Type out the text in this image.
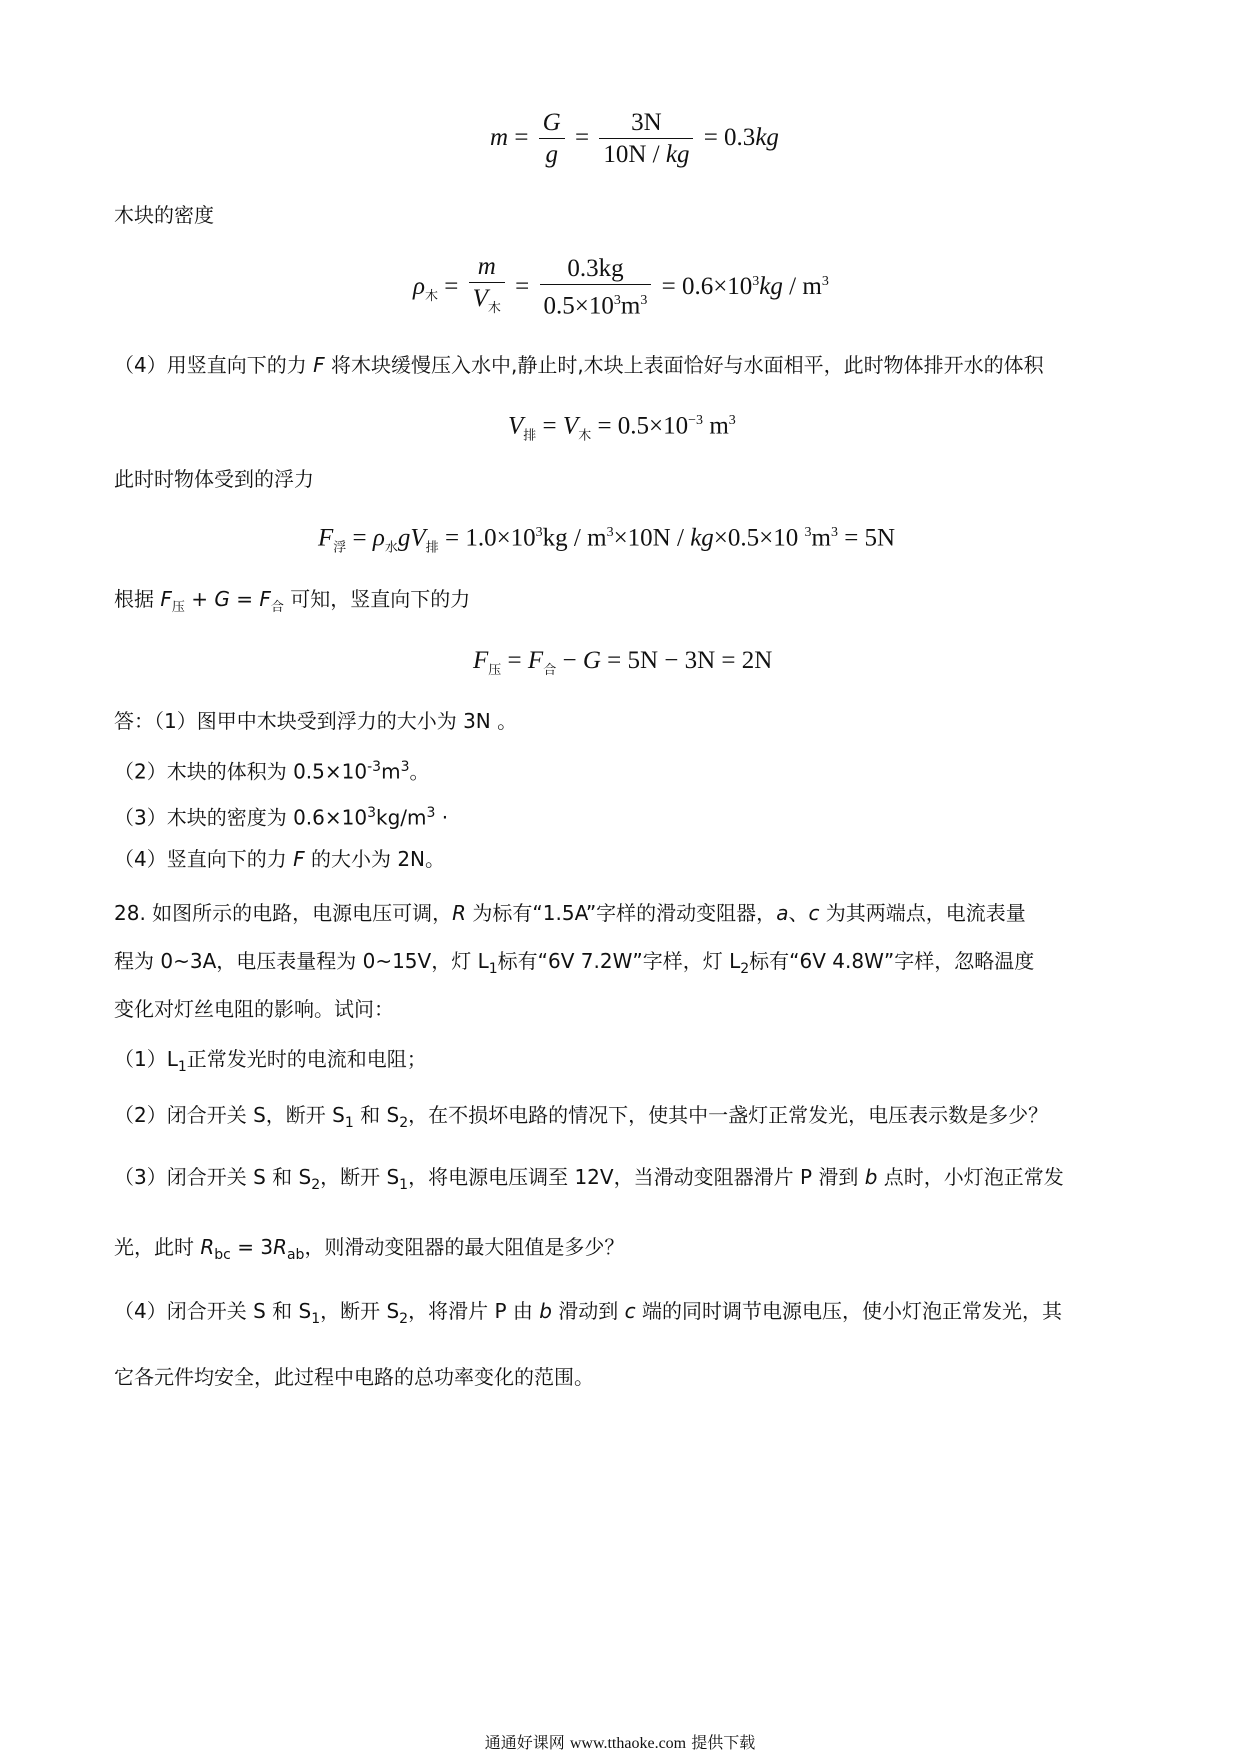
$m = \frac{G}{g} = \frac{3N}{10N / kg} = 0.3kg$
木块的密度
$\rho_木 = \frac{m}{V_木} = \frac{0.3kg}{0.5\times 10^3m^3} = 0.6\times 10^3kg / m^3$
（4）用竖直向下的力 F 将木块缓慢压入水中,静止时,木块上表面恰好与水面相平，此时物体排开水的体积
$V_排 = V_木 = 0.5\times 10^{-3}$ $m^3$
此时时物体受到的浮力
$F_浮 = \rho_水gV_排 = 1.0\times 10^3kg / m^3\times 10N / kg\times 0.5\times 10$ $^3m^3 = 5N$
根据 $F_压 + G = F_合$ 可知，竖直向下的力
$F_压 = F_合 - G = 5N - 3N = 2N$
答：（1）图甲中木块受到浮力的大小为 3N 。
（2）木块的体积为 $0.5\times 10^{-3}m^3$。
（3）木块的密度为 $0.6\times 10^3kg/m^3$ ·
（4）竖直向下的力 F 的大小为 2N。
28. 如图所示的电路，电源电压可调，R 为标有“1.5A”字样的滑动变阻器，a、c 为其两端点，电流表量
程为 0~3A，电压表量程为 0~15V，灯 $L_1$标有“6V 7.2W”字样，灯 $L_2$标有“6V 4.8W”字样，忽略温度
变化对灯丝电阻的影响。试问：
$(1)L_1$正常发光时的电流和电阻；
（2）闭合开关 S，断开 $S_1$ 和 $S_2$，在不损坏电路的情况下，使其中一盏灯正常发光，电压表示数是多少？
（3）闭合开关 S 和 $S_2$，断开 $S_1$，将电源电压调至 12V，当滑动变阻器滑片 P 滑到 b 点时，小灯泡正常发
光，此时 $R_{bc} = 3R_{ab}$，则滑动变阻器的最大阻值是多少？
（4）闭合开关 S 和 $S_1$，断开 $S_2$，将滑片 P 由 b 滑动到 c 端的同时调节电源电压，使小灯泡正常发光，其
它各元件均安全，此过程中电路的总功率变化的范围。
通通好课网 www.tthaoke.com 提供下载
